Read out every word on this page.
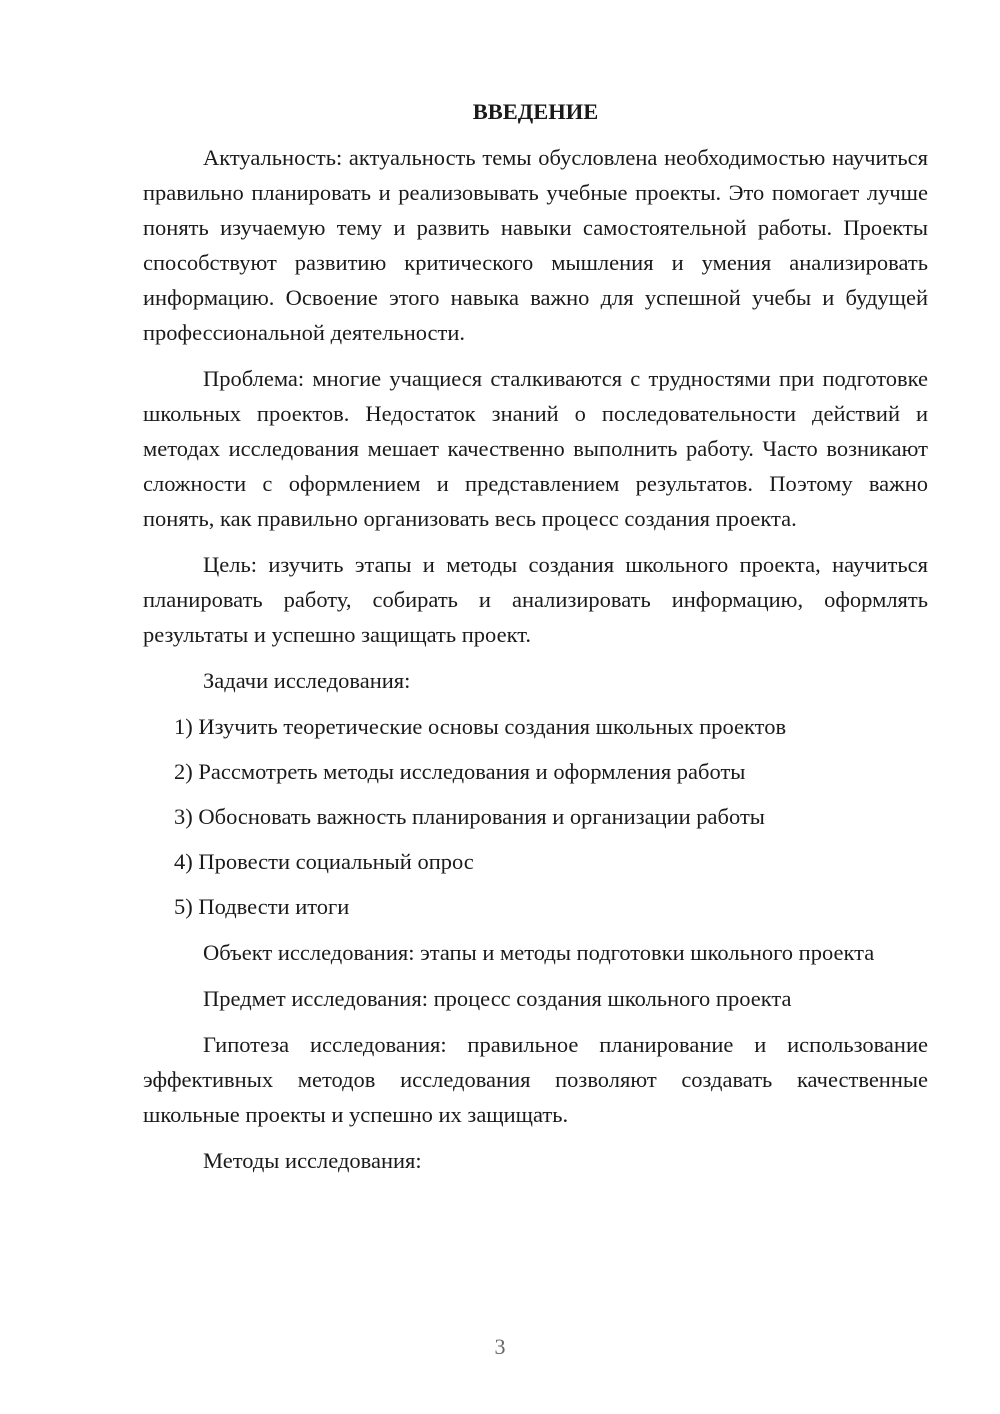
ВВЕДЕНИЕ

Актуальность: актуальность темы обусловлена необходимостью научиться правильно планировать и реализовывать учебные проекты. Это помогает лучше понять изучаемую тему и развить навыки самостоятельной работы. Проекты способствуют развитию критического мышления и умения анализировать информацию. Освоение этого навыка важно для успешной учебы и будущей профессиональной деятельности.

Проблема: многие учащиеся сталкиваются с трудностями при подготовке школьных проектов. Недостаток знаний о последовательности действий и методах исследования мешает качественно выполнить работу. Часто возникают сложности с оформлением и представлением результатов. Поэтому важно понять, как правильно организовать весь процесс создания проекта.

Цель: изучить этапы и методы создания школьного проекта, научиться планировать работу, собирать и анализировать информацию, оформлять результаты и успешно защищать проект.

Задачи исследования:

1) Изучить теоретические основы создания школьных проектов
2) Рассмотреть методы исследования и оформления работы
3) Обосновать важность планирования и организации работы
4) Провести социальный опрос
5) Подвести итоги

Объект исследования: этапы и методы подготовки школьного проекта

Предмет исследования: процесс создания школьного проекта

Гипотеза исследования: правильное планирование и использование эффективных методов исследования позволяют создавать качественные школьные проекты и успешно их защищать.

Методы исследования:

3
